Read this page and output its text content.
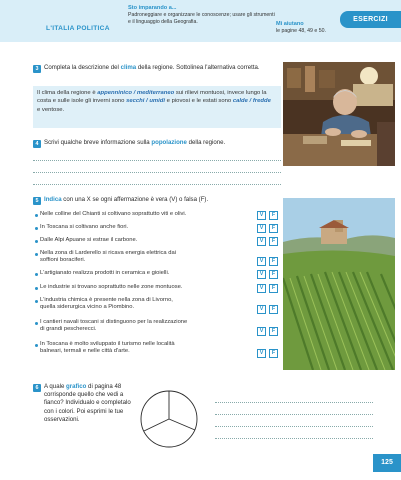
L'ITALIA POLITICA
Sto imparando a...
Padroneggiare e organizzare le conoscenze; usare gli strumenti e il linguaggio della Geografia.	Mi aiutano
le pagine 48, 49 e 50.
ESERCIZI
3 Completa la descrizione del clima della regione. Sottolinea l'alternativa corretta.
Il clima della regione è appenninico / mediterraneo sui rilievi montuosi, invece lungo la costa e sulle isole gli inverni sono secchi / umidi e piovosi e le estati sono calde / fredde e ventose.
4 Scrivi qualche breve informazione sulla popolazione della regione.
5 Indica con una X se ogni affermazione è vera (V) o falsa (F).
Nelle colline del Chianti si coltivano soprattutto viti e olivi.	V	F
In Toscana si coltivano anche fiori.	V	F
Dalle Alpi Apuane si estrae il carbone.	V	F
Nella zona di Larderello si ricava energia elettrica dai
soffioni boraciferi.	V	F
L'artigianato realizza prodotti in ceramica e gioielli.	V	F
Le industrie si trovano soprattutto nelle zone montuose.	V	F
L'industria chimica è presente nella zona di Livorno,
quella siderurgica vicino a Piombino.	V	F
I cantieri navali toscani si distinguono per la realizzazione
di grandi pescherecci.	V	F
In Toscana è molto sviluppato il turismo nelle località
balneari, termali e nelle città d'arte.	V	F
6 A quale grafico di pagina 48 corrisponde quello che vedi a fianco? Individualo e completalo con i colori. Poi esprimi le tue osservazioni.
125
